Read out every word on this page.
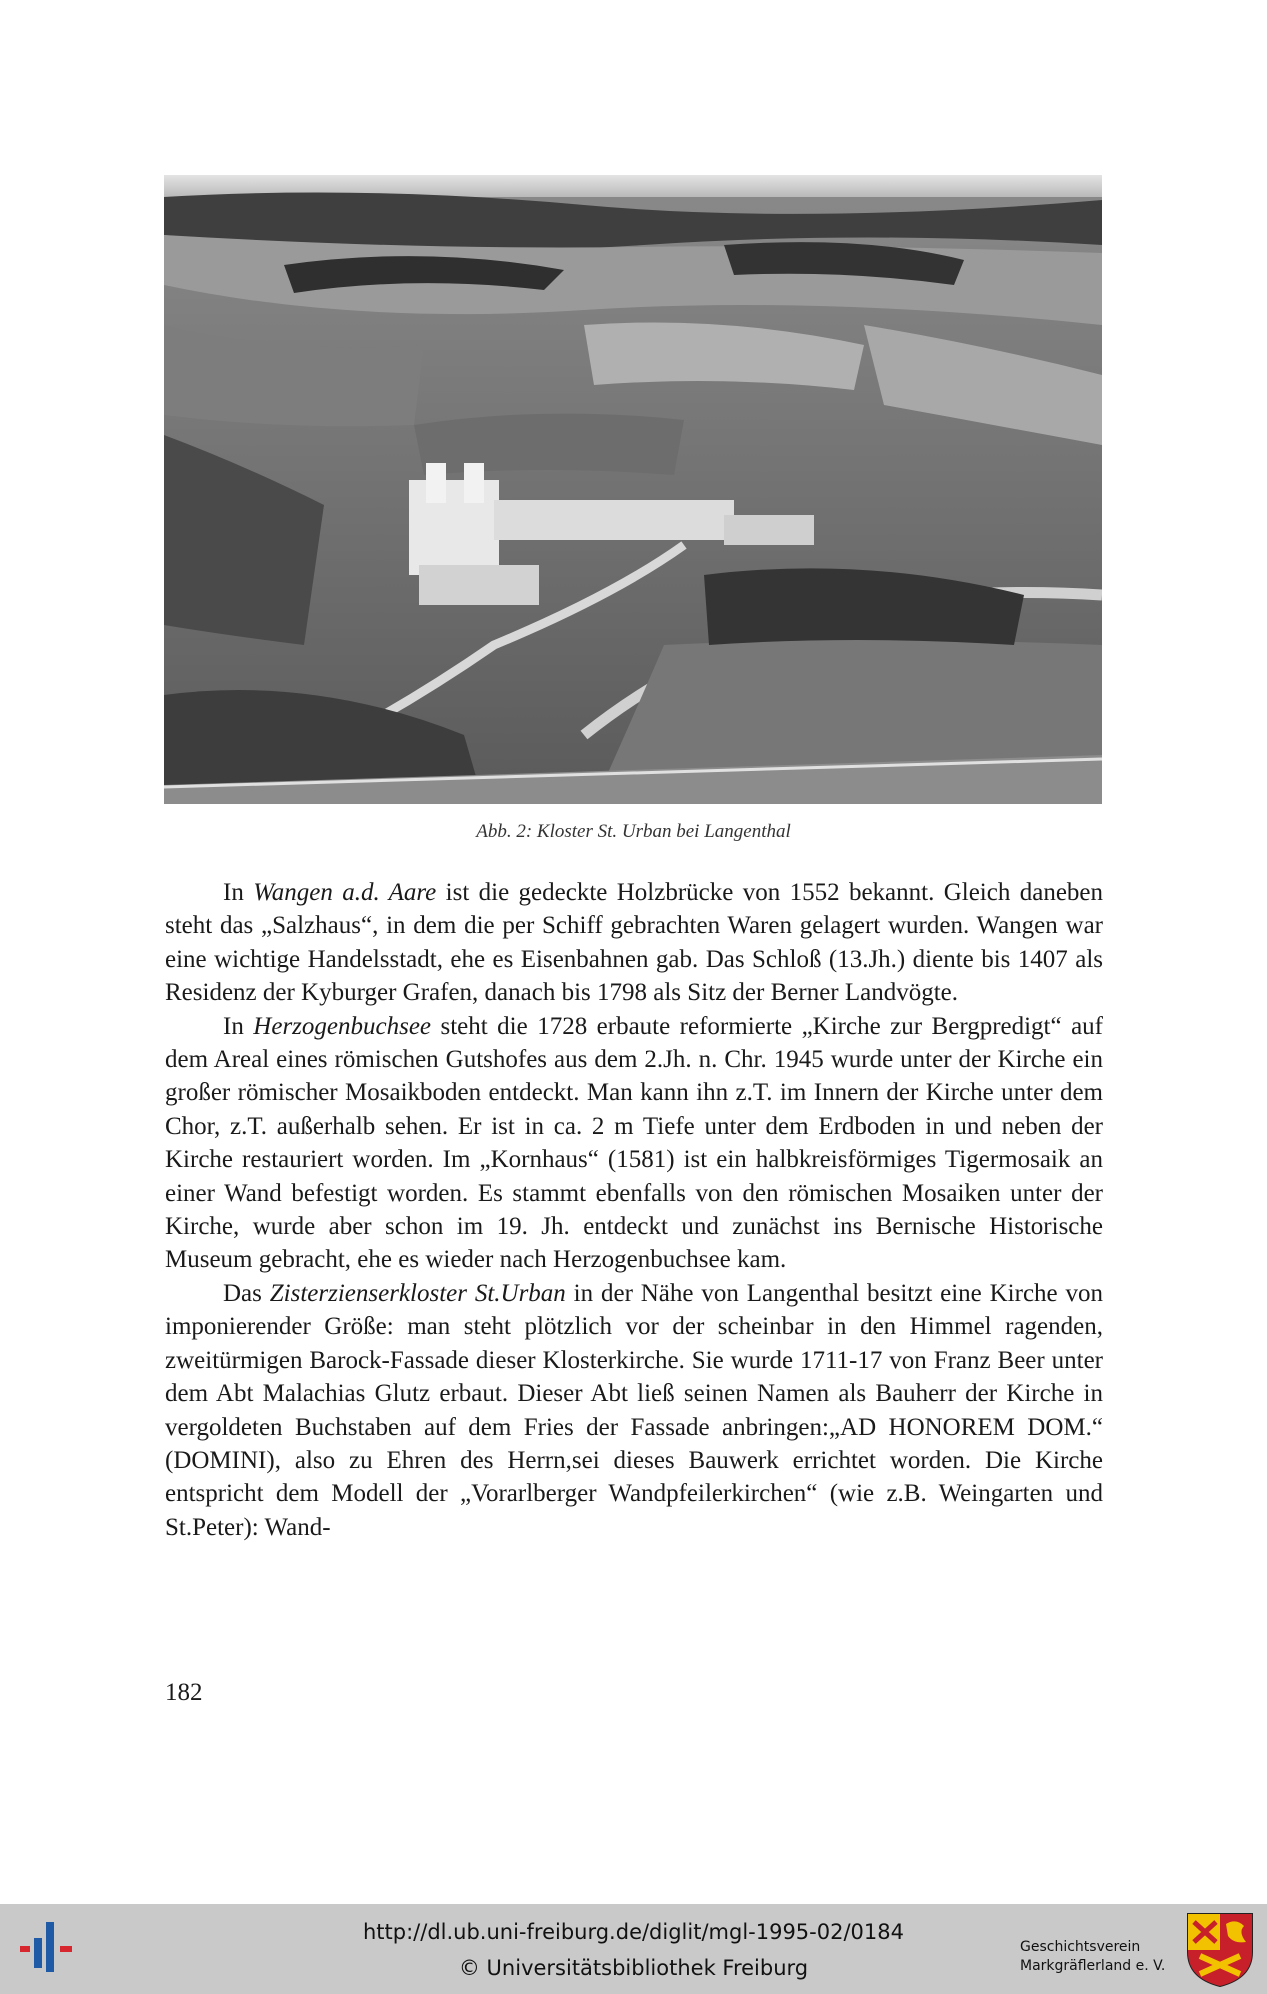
Abb. 2: Kloster St. Urban bei Langenthal

In Wangen a.d. Aare ist die gedeckte Holzbrücke von 1552 bekannt. Gleich daneben steht das „Salzhaus“, in dem die per Schiff gebrachten Waren gelagert wurden. Wangen war eine wichtige Handelsstadt, ehe es Eisenbahnen gab. Das Schloß (13.Jh.) diente bis 1407 als Residenz der Kyburger Grafen, danach bis 1798 als Sitz der Berner Landvögte.

In Herzogenbuchsee steht die 1728 erbaute reformierte „Kirche zur Bergpredigt“ auf dem Areal eines römischen Gutshofes aus dem 2.Jh. n. Chr. 1945 wurde unter der Kirche ein großer römischer Mosaikboden entdeckt. Man kann ihn z.T. im Innern der Kirche unter dem Chor, z.T. außerhalb sehen. Er ist in ca. 2 m Tiefe unter dem Erdboden in und neben der Kirche restauriert worden. Im „Kornhaus“ (1581) ist ein halbkreisförmiges Tigermosaik an einer Wand befestigt worden. Es stammt ebenfalls von den römischen Mosaiken unter der Kirche, wurde aber schon im 19. Jh. entdeckt und zunächst ins Bernische Historische Museum gebracht, ehe es wieder nach Herzogenbuchsee kam.

Das Zisterzienserkloster St.Urban in der Nähe von Langenthal besitzt eine Kirche von imponierender Größe: man steht plötzlich vor der scheinbar in den Himmel ragenden, zweitürmigen Barock-Fassade dieser Klosterkirche. Sie wurde 1711-17 von Franz Beer unter dem Abt Malachias Glutz erbaut. Dieser Abt ließ seinen Namen als Bauherr der Kirche in vergoldeten Buchstaben auf dem Fries der Fassade anbringen:„AD HONOREM DOM.“ (DOMINI), also zu Ehren des Herrn,sei dieses Bauwerk errichtet worden. Die Kirche entspricht dem Modell der „Vorarlberger Wandpfeilerkirchen“ (wie z.B. Weingarten und St.Peter): Wand-

182
http://dl.ub.uni-freiburg.de/diglit/mgl-1995-02/0184
© Universitätsbibliothek Freiburg
Geschichtsverein
Markgräflerland e. V.
